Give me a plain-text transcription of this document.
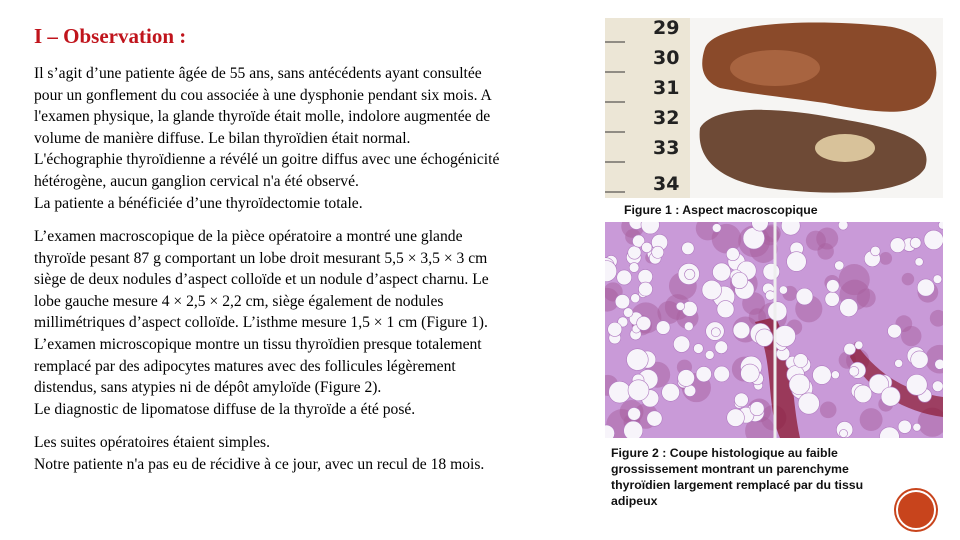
I – Observation :
Il s’agit d’une patiente âgée de 55 ans, sans antécédents ayant consultée
pour un gonflement du cou associée à une dysphonie pendant six mois. A
l'examen physique, la glande thyroïde était molle, indolore augmentée de
volume de manière diffuse. Le bilan thyroïdien était normal.
L'échographie thyroïdienne a révélé un goitre diffus avec une échogénicité
hétérogène, aucun ganglion cervical n'a été observé.
La patiente a bénéficiée d’une thyroïdectomie totale.
L’examen macroscopique de la pièce opératoire a montré une glande
thyroïde pesant 87 g comportant un lobe droit mesurant 5,5 × 3,5 × 3 cm
siège de deux nodules d’aspect colloïde et un nodule d’aspect charnu. Le
lobe gauche mesure 4 × 2,5 × 2,2 cm, siège également de nodules
millimétriques d’aspect colloïde. L’isthme mesure 1,5 × 1 cm (Figure 1).
L’examen microscopique montre un tissu thyroïdien presque totalement
remplacé par des adipocytes matures avec des follicules légèrement
distendus, sans atypies ni de dépôt amyloïde (Figure 2).
Le diagnostic de lipomatose diffuse de la thyroïde a été posé.
Les suites opératoires étaient simples.
Notre patiente n'a pas eu de récidive à ce jour, avec un recul de 18 mois.
29
30
31
32
33
34
Figure 1 : Aspect macroscopique
Figure 2 : Coupe histologique au faible
grossissement montrant un parenchyme
thyroïdien largement remplacé par du tissu
adipeux
